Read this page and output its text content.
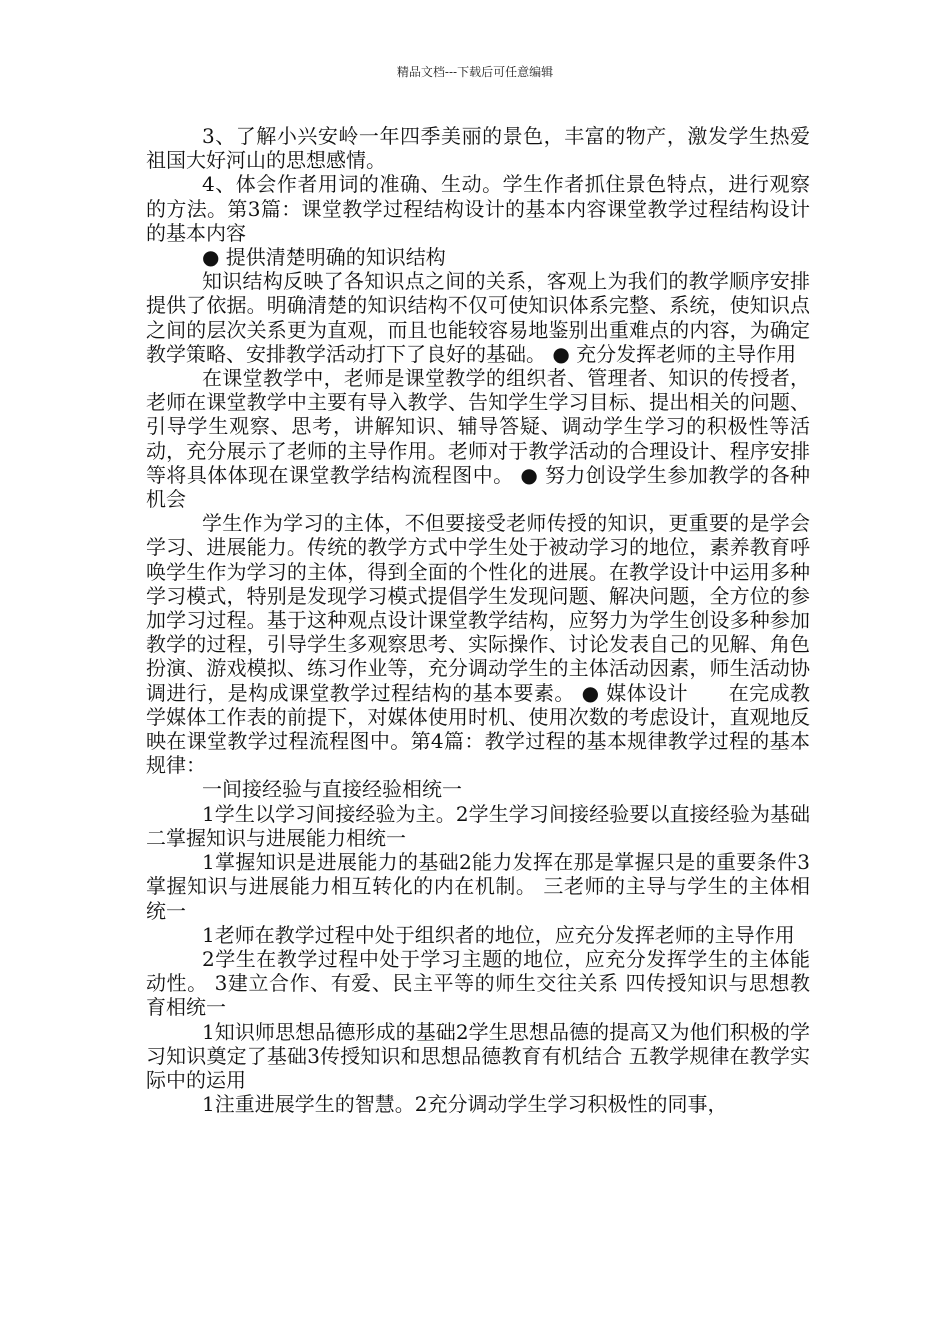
精品文档---下载后可任意编辑

3、了解小兴安岭一年四季美丽的景色，丰富的物产，激发学生热爱祖国大好河山的思想感情。

4、体会作者用词的准确、生动。学生作者抓住景色特点，进行观察的方法。第3篇：课堂教学过程结构设计的基本内容课堂教学过程结构设计的基本内容

● 提供清楚明确的知识结构

知识结构反映了各知识点之间的关系，客观上为我们的教学顺序安排提供了依据。明确清楚的知识结构不仅可使知识体系完整、系统，使知识点之间的层次关系更为直观，而且也能较容易地鉴别出重难点的内容，为确定教学策略、安排教学活动打下了良好的基础。 ● 充分发挥老师的主导作用

在课堂教学中，老师是课堂教学的组织者、管理者、知识的传授者，老师在课堂教学中主要有导入教学、告知学生学习目标、提出相关的问题、引导学生观察、思考，讲解知识、辅导答疑、调动学生学习的积极性等活动，充分展示了老师的主导作用。老师对于教学活动的合理设计、程序安排等将具体体现在课堂教学结构流程图中。 ● 努力创设学生参加教学的各种机会

学生作为学习的主体，不但要接受老师传授的知识，更重要的是学会学习、进展能力。传统的教学方式中学生处于被动学习的地位，素养教育呼唤学生作为学习的主体，得到全面的个性化的进展。在教学设计中运用多种学习模式，特别是发现学习模式提倡学生发现问题、解决问题，全方位的参加学习过程。基于这种观点设计课堂教学结构，应努力为学生创设多种参加教学的过程，引导学生多观察思考、实际操作、讨论发表自己的见解、角色扮演、游戏模拟、练习作业等，充分调动学生的主体活动因素，师生活动协调进行，是构成课堂教学过程结构的基本要素。 ● 媒体设计　　在完成教学媒体工作表的前提下，对媒体使用时机、使用次数的考虑设计，直观地反映在课堂教学过程流程图中。第4篇：教学过程的基本规律教学过程的基本规律：

一间接经验与直接经验相统一

1学生以学习间接经验为主。2学生学习间接经验要以直接经验为基础 二掌握知识与进展能力相统一

1掌握知识是进展能力的基础2能力发挥在那是掌握只是的重要条件3掌握知识与进展能力相互转化的内在机制。 三老师的主导与学生的主体相统一

1老师在教学过程中处于组织者的地位，应充分发挥老师的主导作用

2学生在教学过程中处于学习主题的地位，应充分发挥学生的主体能动性。 3建立合作、有爱、民主平等的师生交往关系 四传授知识与思想教育相统一

1知识师思想品德形成的基础2学生思想品德的提高又为他们积极的学习知识奠定了基础3传授知识和思想品德教育有机结合 五教学规律在教学实际中的运用

1注重进展学生的智慧。2充分调动学生学习积极性的同事，
